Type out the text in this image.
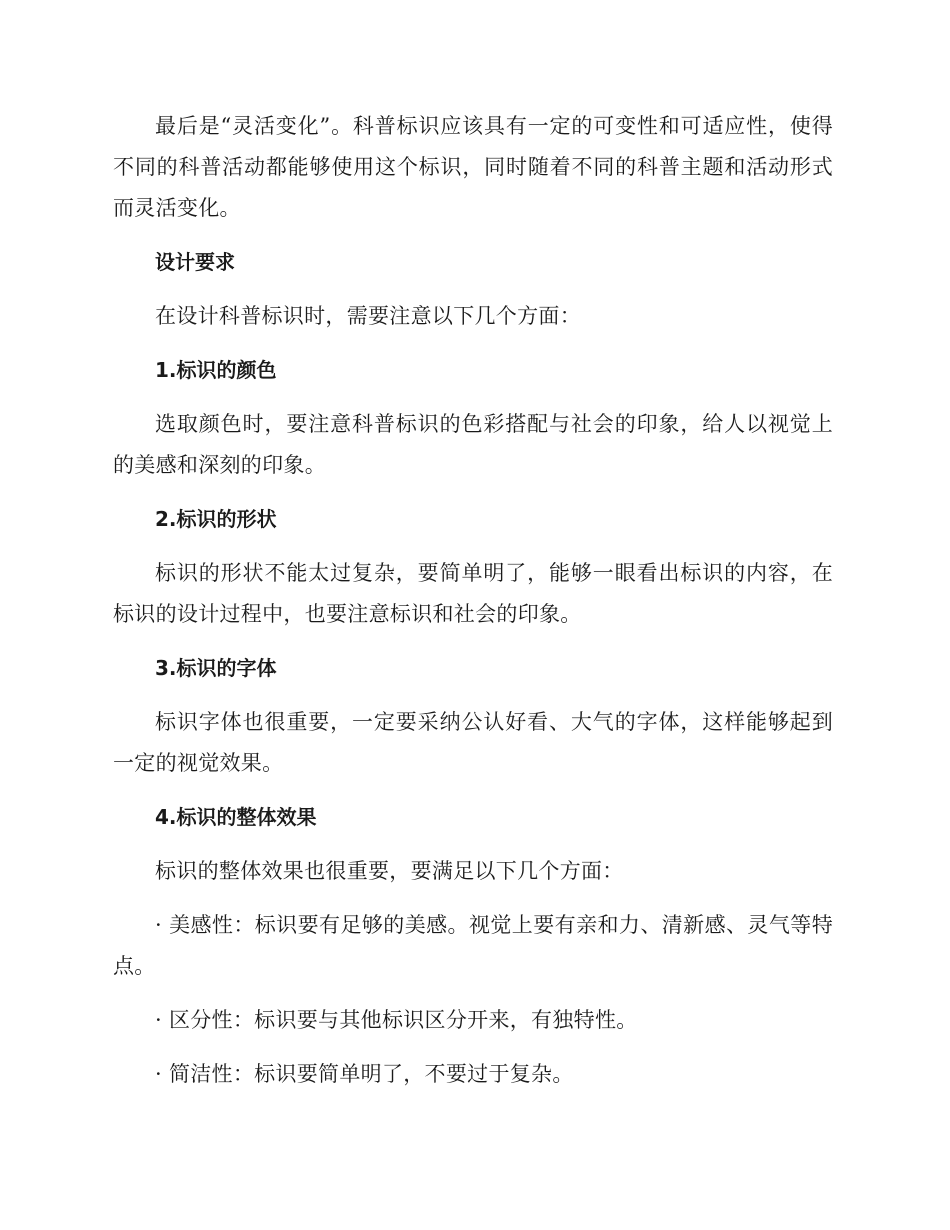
最后是“灵活变化”。科普标识应该具有一定的可变性和可适应性，使得不同的科普活动都能够使用这个标识，同时随着不同的科普主题和活动形式而灵活变化。

设计要求

在设计科普标识时，需要注意以下几个方面：

1.标识的颜色

选取颜色时，要注意科普标识的色彩搭配与社会的印象，给人以视觉上的美感和深刻的印象。

2.标识的形状

标识的形状不能太过复杂，要简单明了，能够一眼看出标识的内容，在标识的设计过程中，也要注意标识和社会的印象。

3.标识的字体

标识字体也很重要，一定要采纳公认好看、大气的字体，这样能够起到一定的视觉效果。

4.标识的整体效果

标识的整体效果也很重要，要满足以下几个方面：

· 美感性：标识要有足够的美感。视觉上要有亲和力、清新感、灵气等特点。

· 区分性：标识要与其他标识区分开来，有独特性。

· 简洁性：标识要简单明了，不要过于复杂。
